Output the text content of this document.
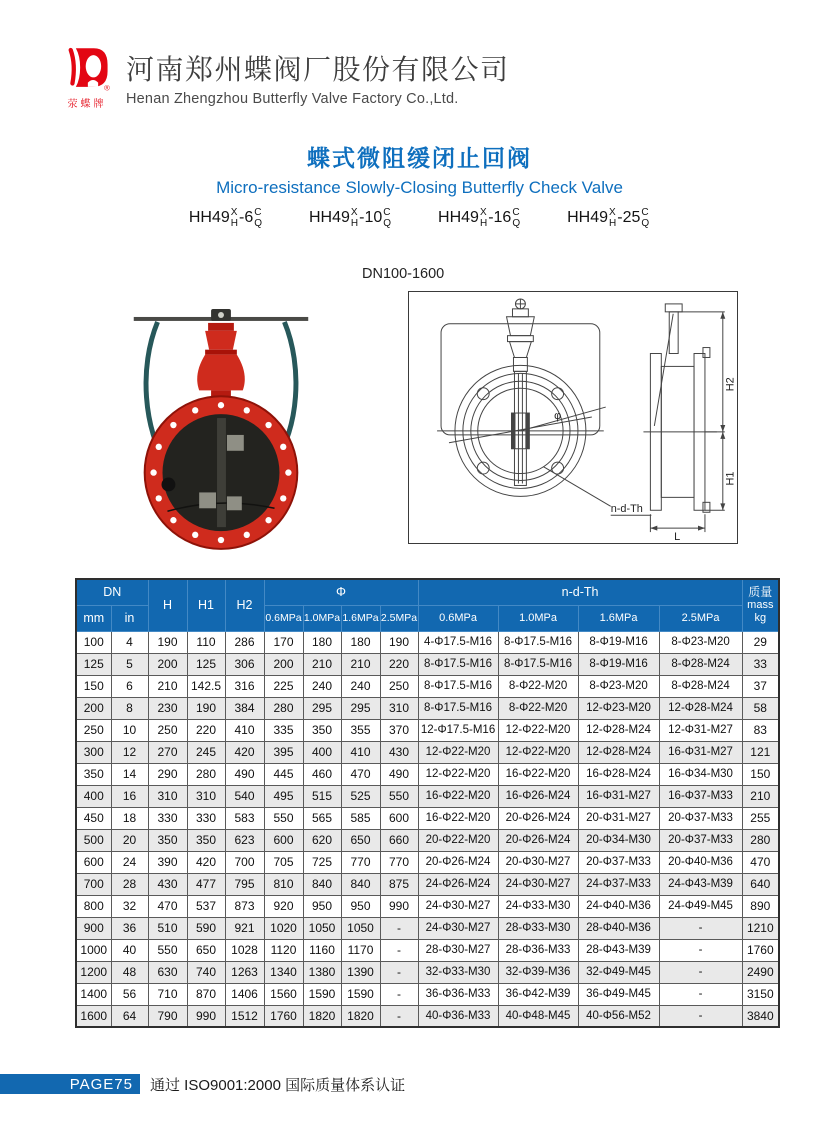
®
荥蝶牌
河南郑州蝶阀厂股份有限公司
Henan Zhengzhou Butterfly Valve Factory Co.,Ltd.
蝶式微阻缓闭止回阀
Micro-resistance Slowly-Closing Butterfly Check Valve
HH49 X
H -6 C
Q	HH49 X
H -10 C
Q	HH49 X
H -16 C
Q	HH49 X
H -25 C
Q
DN100-1600
φ
n-d-Th
H2
H1
L
DN		H	H1	H2	Φ				n-d-Th				质量
mass
kg

mm	in				0.6MPa	1.0MPa	1.6MPa	2.5MPa	0.6MPa	1.0MPa	1.6MPa	2.5MPa	
100	4	190	110	286	170	180	180	190	4-Φ17.5-M16	8-Φ17.5-M16	8-Φ19-M16	8-Φ23-M20	29
125	5	200	125	306	200	210	210	220	8-Φ17.5-M16	8-Φ17.5-M16	8-Φ19-M16	8-Φ28-M24	33
150	6	210	142.5	316	225	240	240	250	8-Φ17.5-M16	8-Φ22-M20	8-Φ23-M20	8-Φ28-M24	37
200	8	230	190	384	280	295	295	310	8-Φ17.5-M16	8-Φ22-M20	12-Φ23-M20	12-Φ28-M24	58
250	10	250	220	410	335	350	355	370	12-Φ17.5-M16	12-Φ22-M20	12-Φ28-M24	12-Φ31-M27	83
300	12	270	245	420	395	400	410	430	12-Φ22-M20	12-Φ22-M20	12-Φ28-M24	16-Φ31-M27	121
350	14	290	280	490	445	460	470	490	12-Φ22-M20	16-Φ22-M20	16-Φ28-M24	16-Φ34-M30	150
400	16	310	310	540	495	515	525	550	16-Φ22-M20	16-Φ26-M24	16-Φ31-M27	16-Φ37-M33	210
450	18	330	330	583	550	565	585	600	16-Φ22-M20	20-Φ26-M24	20-Φ31-M27	20-Φ37-M33	255
500	20	350	350	623	600	620	650	660	20-Φ22-M20	20-Φ26-M24	20-Φ34-M30	20-Φ37-M33	280
600	24	390	420	700	705	725	770	770	20-Φ26-M24	20-Φ30-M27	20-Φ37-M33	20-Φ40-M36	470
700	28	430	477	795	810	840	840	875	24-Φ26-M24	24-Φ30-M27	24-Φ37-M33	24-Φ43-M39	640
800	32	470	537	873	920	950	950	990	24-Φ30-M27	24-Φ33-M30	24-Φ40-M36	24-Φ49-M45	890
900	36	510	590	921	1020	1050	1050	-	24-Φ30-M27	28-Φ33-M30	28-Φ40-M36	-	1210
1000	40	550	650	1028	1120	1160	1170	-	28-Φ30-M27	28-Φ36-M33	28-Φ43-M39	-	1760
1200	48	630	740	1263	1340	1380	1390	-	32-Φ33-M30	32-Φ39-M36	32-Φ49-M45	-	2490
1400	56	710	870	1406	1560	1590	1590	-	36-Φ36-M33	36-Φ42-M39	36-Φ49-M45	-	3150
1600	64	790	990	1512	1760	1820	1820	-	40-Φ36-M33	40-Φ48-M45	40-Φ56-M52	-	3840
PAGE75 通过 ISO9001:2000 国际质量体系认证
